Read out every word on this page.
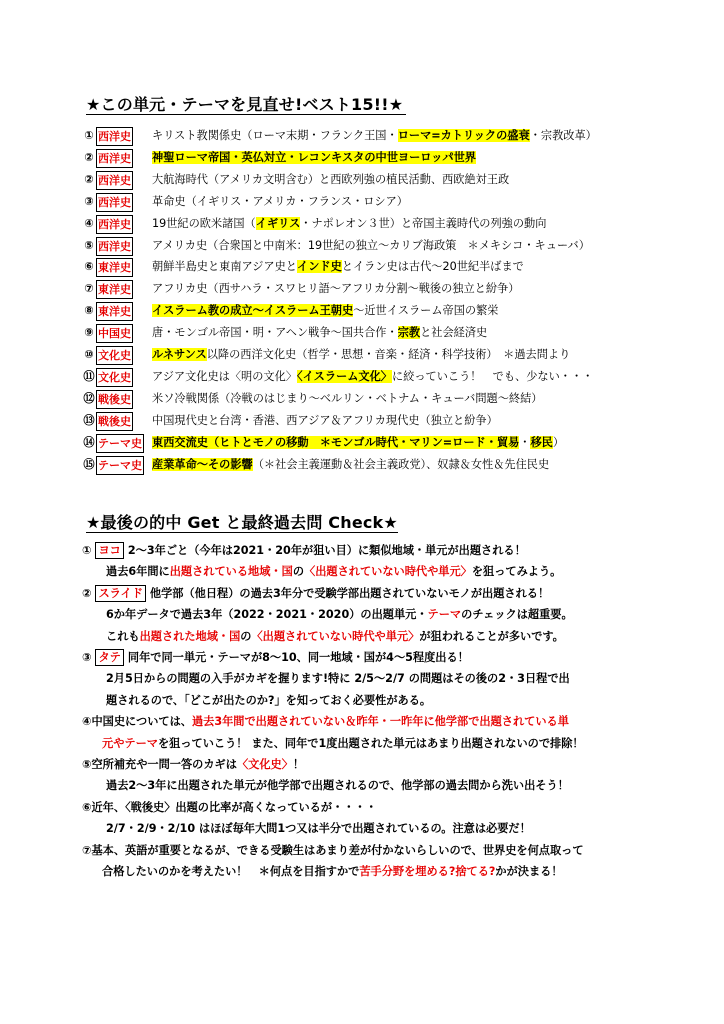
★この単元・テーマを見直せ!ベスト15!!★
① 西洋史 キリスト教関係史（ローマ末期・フランク王国・ローマ=カトリックの盛衰・宗教改革）
② 西洋史 神聖ローマ帝国・英仏対立・レコンキスタの中世ヨーロッパ世界
② 西洋史 大航海時代（アメリカ文明含む）と西欧列強の植民活動、西欧絶対王政
③ 西洋史 革命史（イギリス・アメリカ・フランス・ロシア）
④ 西洋史 19世紀の欧米諸国（イギリス・ナポレオン３世）と帝国主義時代の列強の動向
⑤ 西洋史 アメリカ史（合衆国と中南米：19世紀の独立～カリブ海政策　＊メキシコ・キューバ）
⑥ 東洋史 朝鮮半島史と東南アジア史とインド史とイラン史は古代～20世紀半ばまで
⑦ 東洋史 アフリカ史（西サハラ・スワヒリ語～アフリカ分割～戦後の独立と紛争）
⑧ 東洋史 イスラーム教の成立～イスラーム王朝史～近世イスラーム帝国の繁栄
⑨ 中国史 唐・モンゴル帝国・明・アヘン戦争～国共合作・宗教と社会経済史
⑩ 文化史 ルネサンス以降の西洋文化史（哲学・思想・音楽・経済・科学技術）　＊過去問より
⑪ 文化史 アジア文化史は〈明の文化〉〈イスラーム文化〉に絞っていこう！　でも、少ない・・・
⑫ 戦後史 米ソ冷戦関係（冷戦のはじまり～ベルリン・ベトナム・キューバ問題～終結）
⑬ 戦後史 中国現代史と台湾・香港、西アジア＆アフリカ現代史（独立と紛争）
⑭ テーマ史 東西交流史（ヒトとモノの移動　＊モンゴル時代・マリン=ロード・貿易・移民）
⑮ テーマ史 産業革命～その影響（＊社会主義運動＆社会主義政党）、奴隷＆女性＆先住民史
★最後の的中 Get と最終過去問 Check★
① ヨコ 2～3年ごと（今年は2021・20年が狙い目）に類似地域・単元が出題される！
過去6年間に出題されている地域・国の〈出題されていない時代や単元〉を狙ってみよう。
② スライド 他学部（他日程）の過去3年分で受験学部出題されていないモノが出題される！
6か年データで過去3年（2022・2021・2020）の出題単元・テーマのチェックは超重要。
これも出題された地域・国の〈出題されていない時代や単元〉が狙われることが多いです。
③ タテ 同年で同一単元・テーマが8～10、同一地域・国が4～5程度出る！
2月5日からの問題の入手がカギを握ります!特に 2/5～2/7 の問題はその後の2・3日程で出
題されるので、「どこが出たのか?」を知っておく必要性がある。
④中国史については、過去3年間で出題されていない＆昨年・一昨年に他学部で出題されている単
元やテーマを狙っていこう！ また、同年で1度出題された単元はあまり出題されないので排除！
⑤空所補充や一問一答のカギは〈文化史〉！
過去2～3年に出題された単元が他学部で出題されるので、他学部の過去問から洗い出そう！
⑥近年、〈戦後史〉出題の比率が高くなっているが・・・・
2/7・2/9・2/10 はほぼ毎年大問1つ又は半分で出題されているの。注意は必要だ！
⑦基本、英語が重要となるが、できる受験生はあまり差が付かないらしいので、世界史を何点取って
合格したいのかを考えたい！　＊何点を目指すかで苦手分野を埋める?捨てる?かが決まる！
